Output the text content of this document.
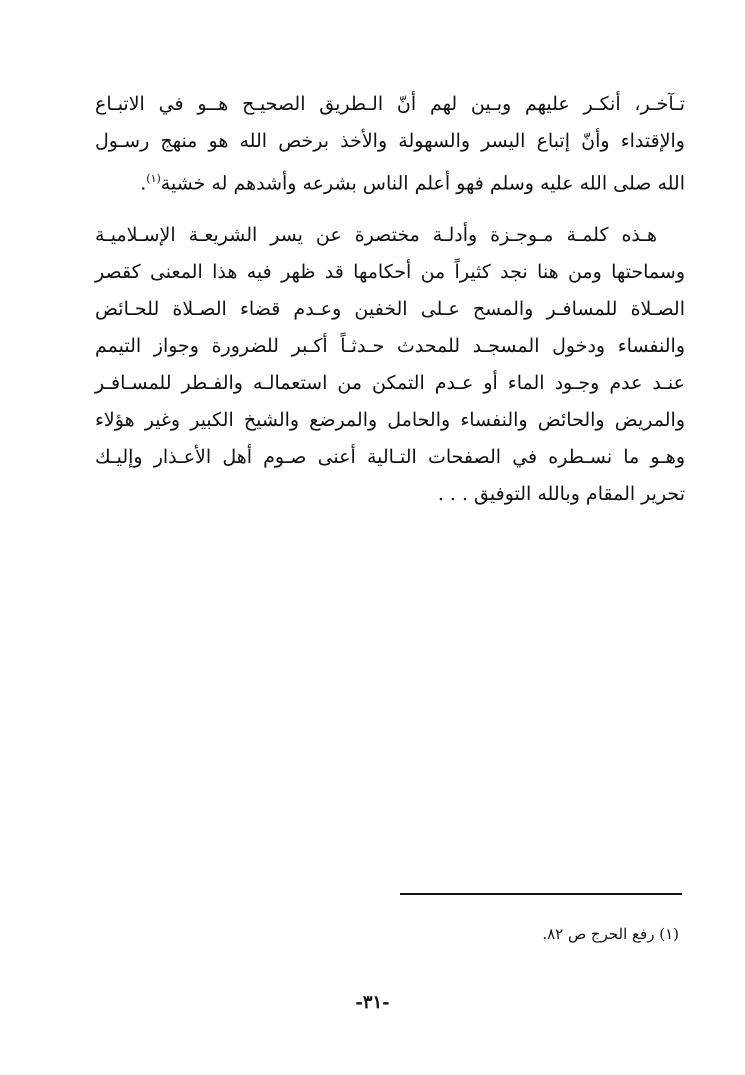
تـآخـر، أنكـر عليهم وبـين لهم أنّ الـطريق الصحيـح هــو في الاتبـاع
والإقتداء وأنّ إتباع اليسر والسهولة والأخذ برخص الله هو منهج رسـول
الله صلى الله عليه وسلم فهو أعلم الناس بشرعه وأشدهم له خشية$^{(١)}$.
هـذه كلمـة مـوجـزة وأدلـة مختصرة عن يسر الشريعـة الإسـلاميـة
وسماحتها ومن هنا نجد كثيراً من أحكامها قد ظهر فيه هذا المعنى كقصر
الصـلاة للمسافـر والمسح عـلى الخفين وعـدم قضاء الصـلاة للحـائض
والنفساء ودخول المسجـد للمحدث حـدثـاً أكـبر للضرورة وجواز التيمم
عنـد عدم وجـود الماء أو عـدم التمكن من استعمالـه والفـطر للمسـافـر
والمريض والحائض والنفساء والحامل والمرضع والشيخ الكبير وغير هؤلاء
وهـو ما نسـطره في الصفحات التـالية أعنى صـوم أهل الأعـذار وإليـك
تحرير المقام وبالله التوفيق . . .
(١) رفع الحرج ص ٨٢.
-٣١-
